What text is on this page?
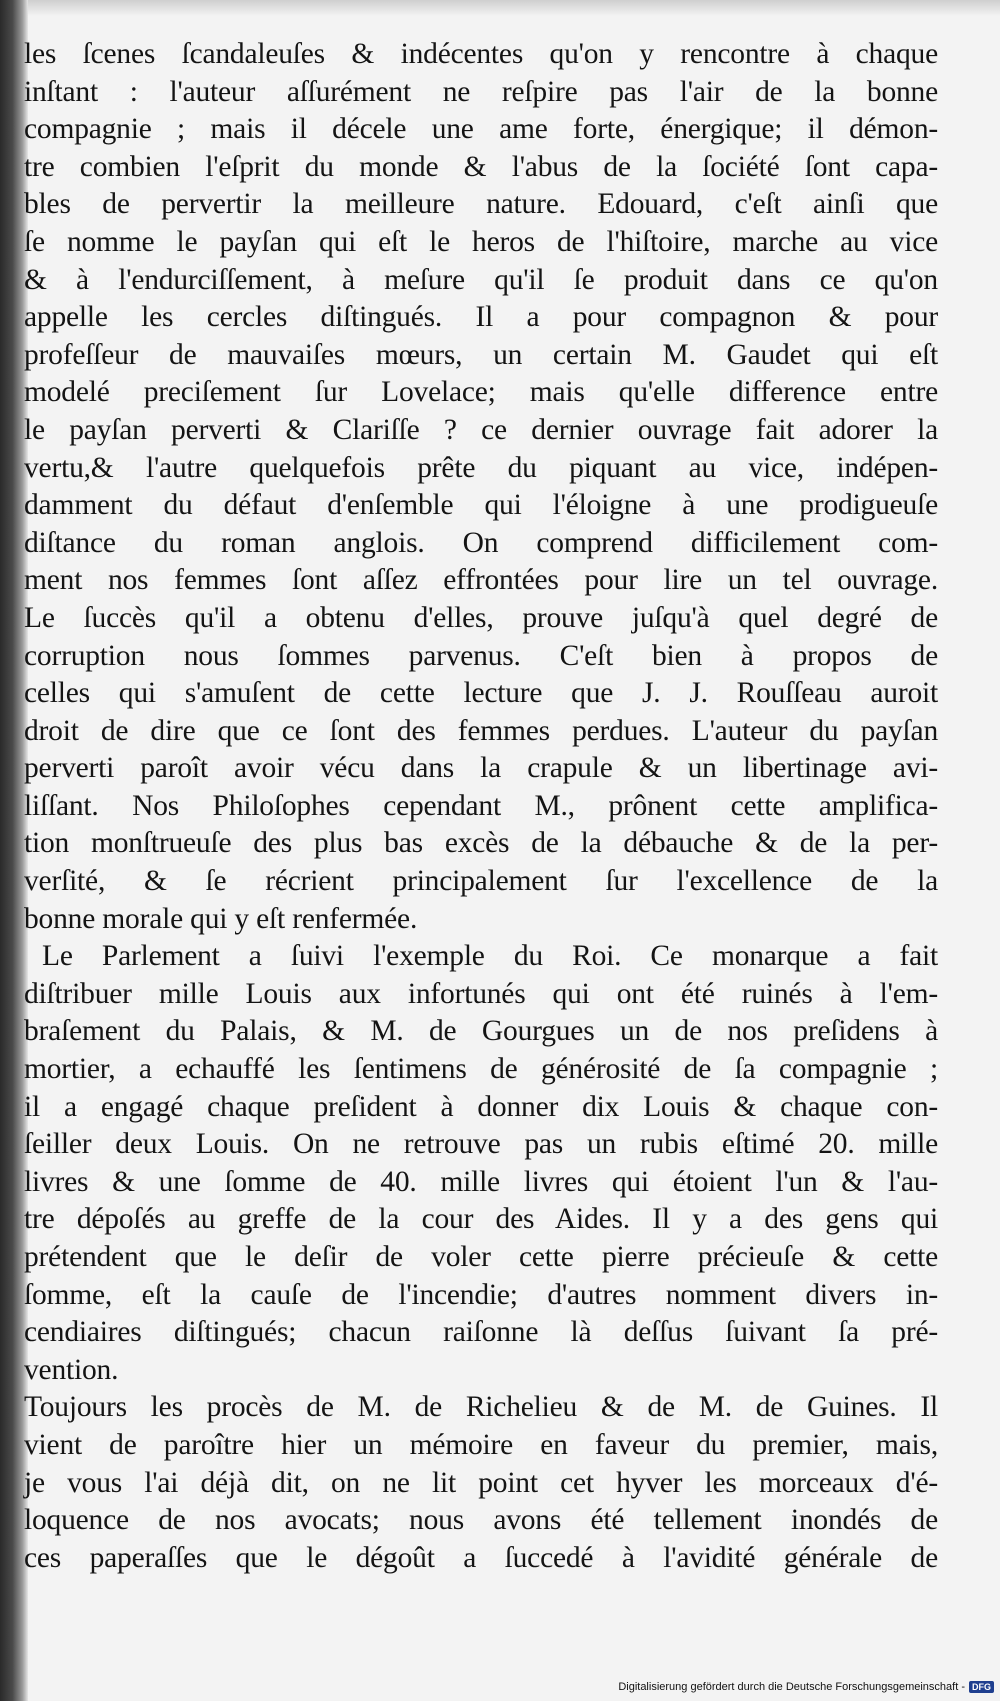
les ſcenes ſcandaleuſes & indécentes qu'on y rencontre à chaque
inſtant : l'auteur aſſurément ne reſpire pas l'air de la bonne
compagnie ; mais il décele une ame forte, énergique; il démon-
tre combien l'eſprit du monde & l'abus de la ſociété ſont capa-
bles de pervertir la meilleure nature. Edouard, c'eſt ainſi que
ſe nomme le payſan qui eſt le heros de l'hiſtoire, marche au vice
& à l'endurciſſement, à meſure qu'il ſe produit dans ce qu'on
appelle les cercles diſtingués. Il a pour compagnon & pour
profeſſeur de mauvaiſes mœurs, un certain M. Gaudet qui eſt
modelé preciſement ſur Lovelace; mais qu'elle difference entre
le payſan perverti & Clariſſe ? ce dernier ouvrage fait adorer la
vertu,& l'autre quelquefois prête du piquant au vice, indépen-
damment du défaut d'enſemble qui l'éloigne à une prodigueuſe
diſtance du roman anglois. On comprend difficilement com-
ment nos femmes ſont aſſez effrontées pour lire un tel ouvrage.
Le ſuccès qu'il a obtenu d'elles, prouve juſqu'à quel degré de
corruption nous ſommes parvenus. C'eſt bien à propos de
celles qui s'amuſent de cette lecture que J. J. Rouſſeau auroit
droit de dire que ce ſont des femmes perdues. L'auteur du payſan
perverti paroît avoir vécu dans la crapule & un libertinage avi-
liſſant. Nos Philoſophes cependant M., prônent cette amplifica-
tion monſtrueuſe des plus bas excès de la débauche & de la per-
verſité, & ſe récrient principalement ſur l'excellence de la
bonne morale qui y eſt renfermée.
Le Parlement a ſuivi l'exemple du Roi. Ce monarque a fait
diſtribuer mille Louis aux infortunés qui ont été ruinés à l'em-
braſement du Palais, & M. de Gourgues un de nos preſidens à
mortier, a echauffé les ſentimens de générosité de ſa compagnie ;
il a engagé chaque preſident à donner dix Louis & chaque con-
ſeiller deux Louis. On ne retrouve pas un rubis eſtimé 20. mille
livres & une ſomme de 40. mille livres qui étoient l'un & l'au-
tre dépoſés au greffe de la cour des Aides. Il y a des gens qui
prétendent que le deſir de voler cette pierre précieuſe & cette
ſomme, eſt la cauſe de l'incendie; d'autres nomment divers in-
cendiaires diſtingués; chacun raiſonne là deſſus ſuivant ſa pré-
vention.
Toujours les procès de M. de Richelieu & de M. de Guines. Il
vient de paroître hier un mémoire en faveur du premier, mais,
je vous l'ai déjà dit, on ne lit point cet hyver les morceaux d'é-
loquence de nos avocats; nous avons été tellement inondés de
ces paperaſſes que le dégoût a ſuccedé à l'avidité générale de
Digitalisierung gefördert durch die Deutsche Forschungsgemeinschaft - DFG
